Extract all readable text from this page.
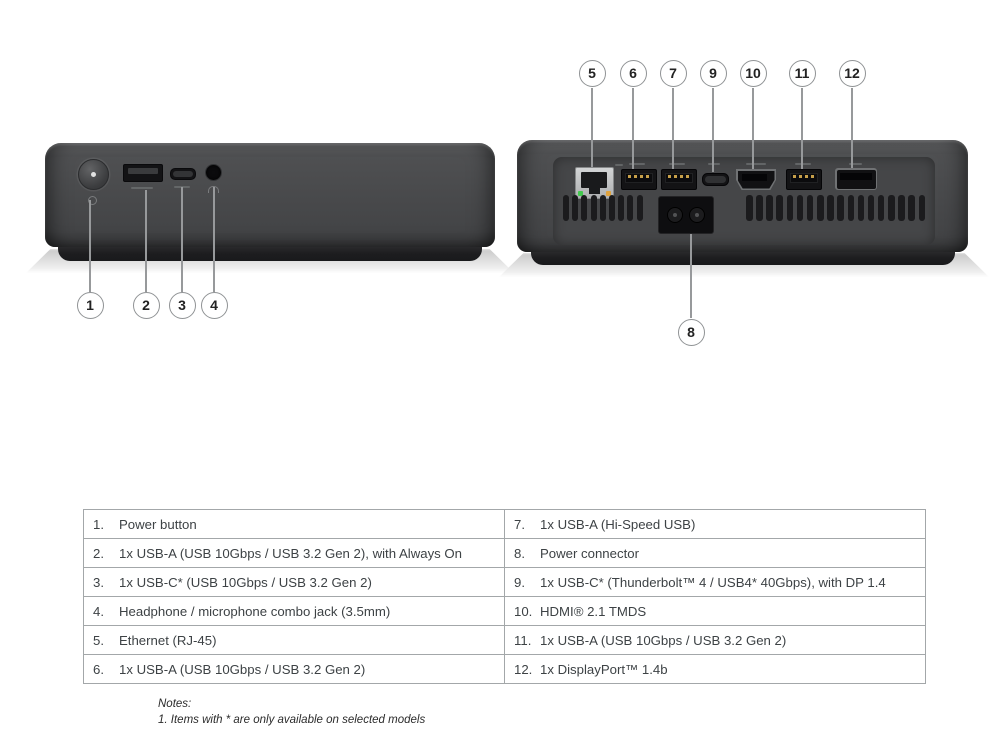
1	2	3	4
5	6	7	9	10	11	12
8
1.	Power button	7.	1x USB-A (Hi-Speed USB)
2.	1x USB-A (USB 10Gbps / USB 3.2 Gen 2), with Always On	8.	Power connector
3.	1x USB-C* (USB 10Gbps / USB 3.2 Gen 2)	9.	1x USB-C* (Thunderbolt™ 4 / USB4* 40Gbps), with DP 1.4
4.	Headphone / microphone combo jack (3.5mm)	10. HDMI® 2.1 TMDS
5.	Ethernet (RJ-45)	11. 1x USB-A (USB 10Gbps / USB 3.2 Gen 2)
6.	1x USB-A (USB 10Gbps / USB 3.2 Gen 2)	12. 1x DisplayPort™ 1.4b
Notes:
1. Items with * are only available on selected models
